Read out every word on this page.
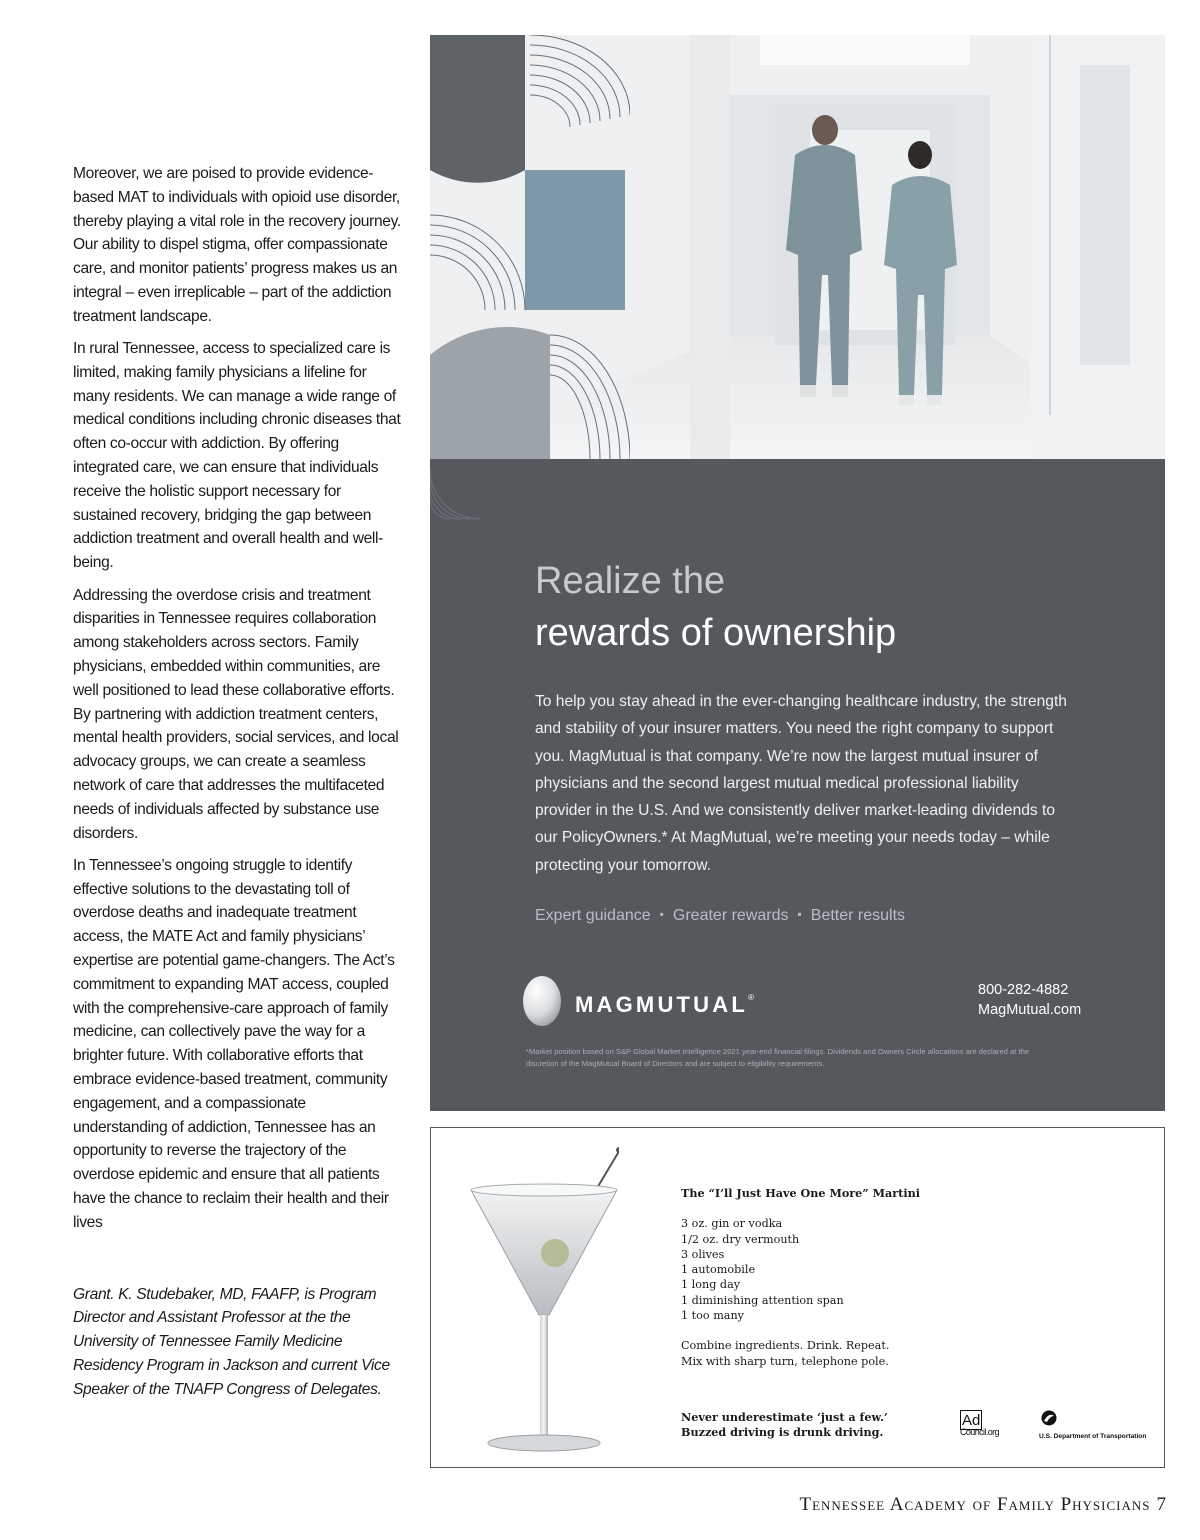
Moreover, we are poised to provide evidence-based MAT to individuals with opioid use disorder, thereby playing a vital role in the recovery journey. Our ability to dispel stigma, offer compassionate care, and monitor patients’ progress makes us an integral – even irreplicable – part of the addiction treatment landscape.

In rural Tennessee, access to specialized care is limited, making family physicians a lifeline for many residents. We can manage a wide range of medical conditions including chronic diseases that often co-occur with addiction. By offering integrated care, we can ensure that individuals receive the holistic support necessary for sustained recovery, bridging the gap between addiction treatment and overall health and well-being.

Addressing the overdose crisis and treatment disparities in Tennessee requires collaboration among stakeholders across sectors. Family physicians, embedded within communities, are well positioned to lead these collaborative efforts. By partnering with addiction treatment centers, mental health providers, social services, and local advocacy groups, we can create a seamless network of care that addresses the multifaceted needs of individuals affected by substance use disorders.

In Tennessee’s ongoing struggle to identify effective solutions to the devastating toll of overdose deaths and inadequate treatment access, the MATE Act and family physicians’ expertise are potential game-changers. The Act’s commitment to expanding MAT access, coupled with the comprehensive-care approach of family medicine, can collectively pave the way for a brighter future. With collaborative efforts that embrace evidence-based treatment, community engagement, and a compassionate understanding of addiction, Tennessee has an opportunity to reverse the trajectory of the overdose epidemic and ensure that all patients have the chance to reclaim their health and their lives

Grant. K. Studebaker, MD, FAAFP, is Program Director and Assistant Professor at the the University of Tennessee Family Medicine Residency Program in Jackson and current Vice Speaker of the TNAFP Congress of Delegates.

Realize the
rewards of ownership

To help you stay ahead in the ever-changing healthcare industry, the strength and stability of your insurer matters. You need the right company to support you. MagMutual is that company. We’re now the largest mutual insurer of physicians and the second largest mutual medical professional liability provider in the U.S. And we consistently deliver market-leading dividends to our PolicyOwners.* At MagMutual, we’re meeting your needs today – while protecting your tomorrow.

Expert guidance ▪ Greater rewards ▪ Better results
MAGMUTUAL®	800-282-4882
MagMutual.com

*Market position based on S&P Global Market Intelligence 2021 year-end financial filings. Dividends and Owners Circle allocations are declared at the discretion of the MagMutual Board of Directors and are subject to eligibility requirements.

The “I’ll Just Have One More” Martini
3 oz. gin or vodka
1/2 oz. dry vermouth
3 olives
1 automobile
1 long day
1 diminishing attention span
1 too many
Combine ingredients. Drink. Repeat.
Mix with sharp turn, telephone pole.
Never underestimate ‘just a few.’
Buzzed driving is drunk driving.
Ad
Council.org	U.S. Department of Transportation
Tennessee Academy of Family Physicians 7
